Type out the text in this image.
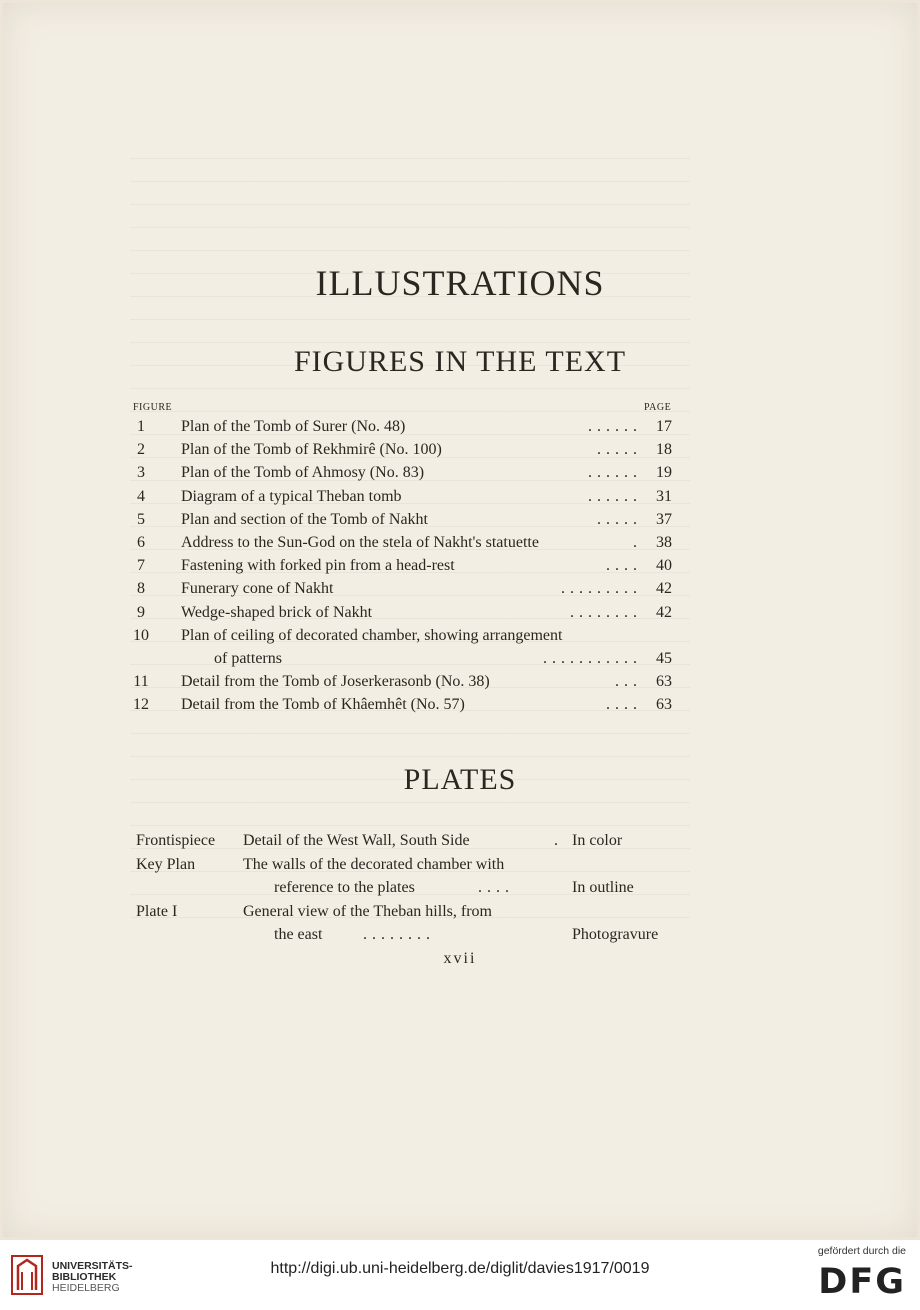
ILLUSTRATIONS
FIGURES IN THE TEXT
FIGURE	PAGE
1	Plan of the Tomb of Surer (No. 48)	...... 17
2	Plan of the Tomb of Rekhmirê (No. 100)	..... 18
3	Plan of the Tomb of Ahmosy (No. 83)	...... 19
4	Diagram of a typical Theban tomb	...... 31
5	Plan and section of the Tomb of Nakht	..... 37
6	Address to the Sun-God on the stela of Nakht's statuette	. 38
7	Fastening with forked pin from a head-rest	.... 40
8	Funerary cone of Nakht	......... 42
9	Wedge-shaped brick of Nakht	........ 42
10 Plan of ceiling of decorated chamber, showing arrangement
of patterns	........... 45
11 Detail from the Tomb of Joserkerasonb (No. 38)	... 63
12 Detail from the Tomb of Khâemhêt (No. 57)	.... 63
PLATES
Frontispiece Detail of the West Wall, South Side	. In color
Key Plan	The walls of the decorated chamber with
reference to the plates	....	In outline
Plate I	General view of the Theban hills, from
the east	........	Photogravure
xvii
UNIVERSITÄTS-
BIBLIOTHEK
HEIDELBERG
http://digi.ub.uni-heidelberg.de/diglit/davies1917/0019
gefördert durch die
DFG
